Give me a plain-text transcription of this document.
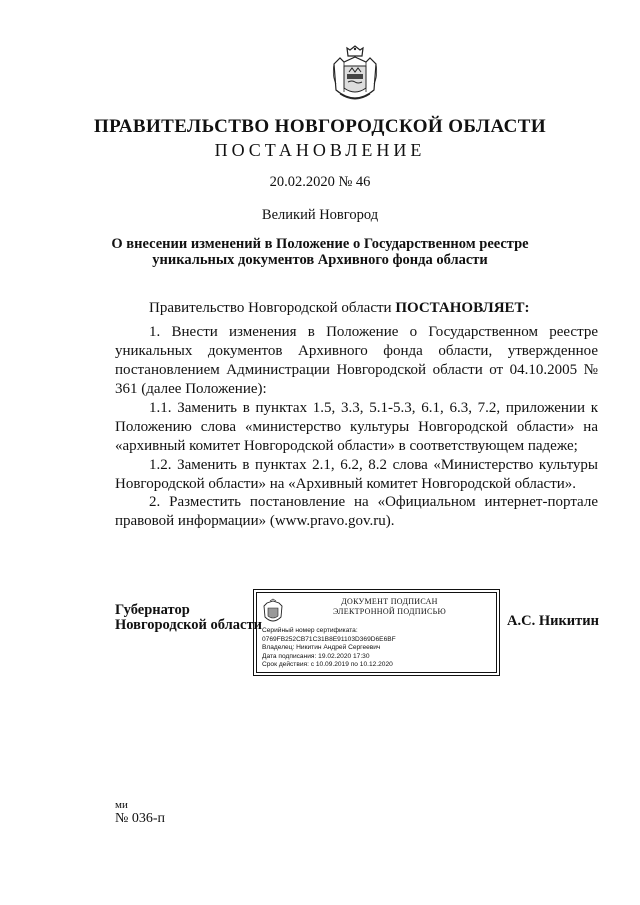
ПРАВИТЕЛЬСТВО НОВГОРОДСКОЙ ОБЛАСТИ
ПОСТАНОВЛЕНИЕ
20.02.2020 № 46
Великий Новгород
О внесении изменений в Положение о Государственном реестре
уникальных документов Архивного фонда области

Правительство Новгородской области ПОСТАНОВЛЯЕТ:

1. Внести изменения в Положение о Государственном реестре уникальных документов Архивного фонда области, утвержденное постановлением Администрации Новгородской области от 04.10.2005 № 361 (далее Положение):

1.1. Заменить в пунктах 1.5, 3.3, 5.1-5.3, 6.1, 6.3, 7.2, приложении к Положению слова «министерство культуры Новгородской области» на «архивный комитет Новгородской области» в соответствующем падеже;

1.2. Заменить в пунктах 2.1, 6.2, 8.2 слова «Министерство культуры Новгородской области» на «Архивный комитет Новгородской области».

2. Разместить постановление на «Официальном интернет-портале правовой информации» (www.pravo.gov.ru).

Губернатор
Новгородской области
ДОКУМЕНТ ПОДПИСАН
ЭЛЕКТРОННОЙ ПОДПИСЬЮ
Серийный номер сертификата:
0769FB252CB71C31B8E91103D369D6E6BF
Владелец: Никитин Андрей Сергеевич
Дата подписания: 19.02.2020 17:30
Срок действия: с 10.09.2019 по 10.12.2020
А.С. Никитин
ми
№ 036-п
